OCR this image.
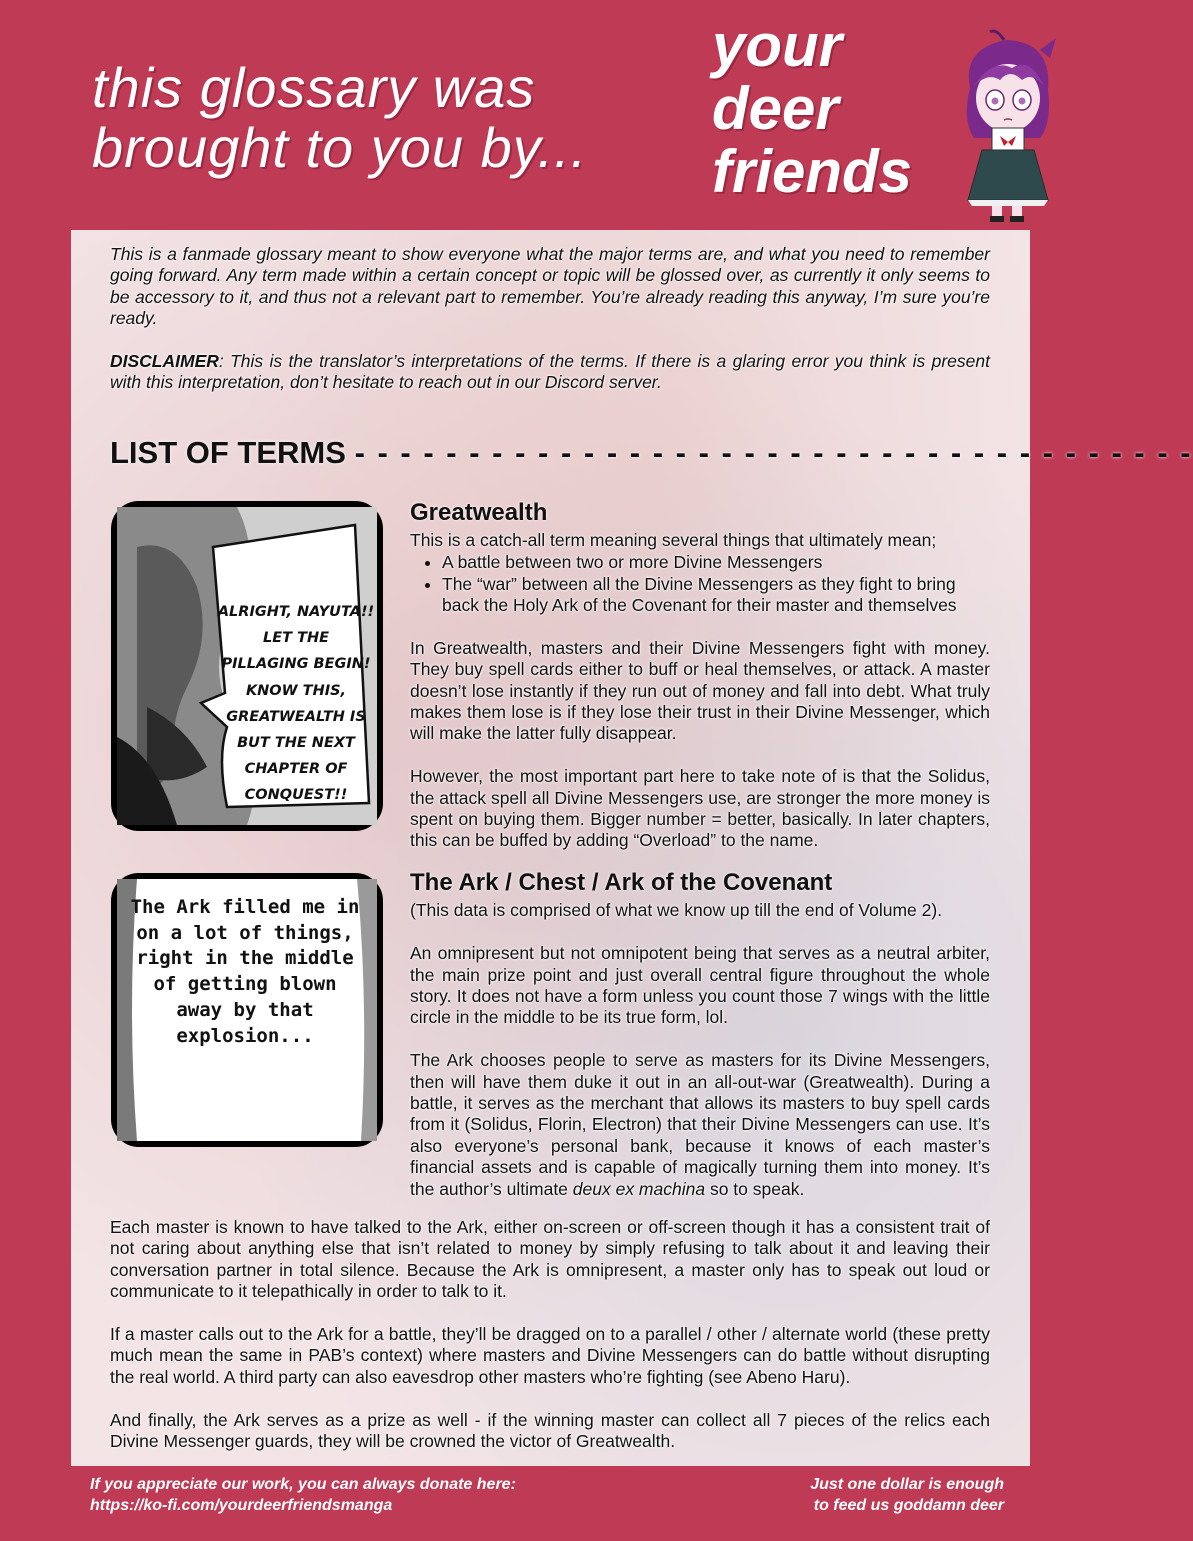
this glossary was
brought to you by...
your
deer
friends

This is a fanmade glossary meant to show everyone what the major terms are, and what you need to remember going forward. Any term made within a certain concept or topic will be glossed over, as currently it only seems to be accessory to it, and thus not a relevant part to remember. You’re already reading this anyway, I’m sure you’re ready.

DISCLAIMER: This is the translator’s interpretations of the terms. If there is a glaring error you think is present with this interpretation, don’t hesitate to reach out in our Discord server.

LIST OF TERMS - - - - - - - - - - - - - - - - - - - - - - - - - - - - - - - - - - - - -
ALRIGHT, NAYUTA!! LET THE PILLAGING BEGIN! KNOW THIS, GREATWEALTH IS BUT THE NEXT CHAPTER OF CONQUEST!!
The Ark filled me in on a lot of things, right in the middle of getting blown away by that explosion...
Greatwealth

This is a catch-all term meaning several things that ultimately mean;

• A battle between two or more Divine Messengers
• The “war” between all the Divine Messengers as they fight to bring back the Holy Ark of the Covenant for their master and themselves

In Greatwealth, masters and their Divine Messengers fight with money. They buy spell cards either to buff or heal themselves, or attack. A master doesn’t lose instantly if they run out of money and fall into debt. What truly makes them lose is if they lose their trust in their Divine Messenger, which will make the latter fully disappear.

However, the most important part here to take note of is that the Solidus, the attack spell all Divine Messengers use, are stronger the more money is spent on buying them. Bigger number = better, basically. In later chapters, this can be buffed by adding “Overload” to the name.

The Ark / Chest / Ark of the Covenant

(This data is comprised of what we know up till the end of Volume 2).

An omnipresent but not omnipotent being that serves as a neutral arbiter, the main prize point and just overall central figure throughout the whole story. It does not have a form unless you count those 7 wings with the little circle in the middle to be its true form, lol.

The Ark chooses people to serve as masters for its Divine Messengers, then will have them duke it out in an all-out-war (Greatwealth). During a battle, it serves as the merchant that allows its masters to buy spell cards from it (Solidus, Florin, Electron) that their Divine Messengers can use. It’s also everyone’s personal bank, because it knows of each master’s financial assets and is capable of magically turning them into money. It’s the author’s ultimate deux ex machina so to speak.

Each master is known to have talked to the Ark, either on-screen or off-screen though it has a consistent trait of not caring about anything else that isn’t related to money by simply refusing to talk about it and leaving their conversation partner in total silence. Because the Ark is omnipresent, a master only has to speak out loud or communicate to it telepathically in order to talk to it.

If a master calls out to the Ark for a battle, they’ll be dragged on to a parallel / other / alternate world (these pretty much mean the same in PAB’s context) where masters and Divine Messengers can do battle without disrupting the real world. A third party can also eavesdrop other masters who’re fighting (see Abeno Haru).

And finally, the Ark serves as a prize as well - if the winning master can collect all 7 pieces of the relics each Divine Messenger guards, they will be crowned the victor of Greatwealth.

If you appreciate our work, you can always donate here:
https://ko-fi.com/yourdeerfriendsmanga
Just one dollar is enough
to feed us goddamn deer
